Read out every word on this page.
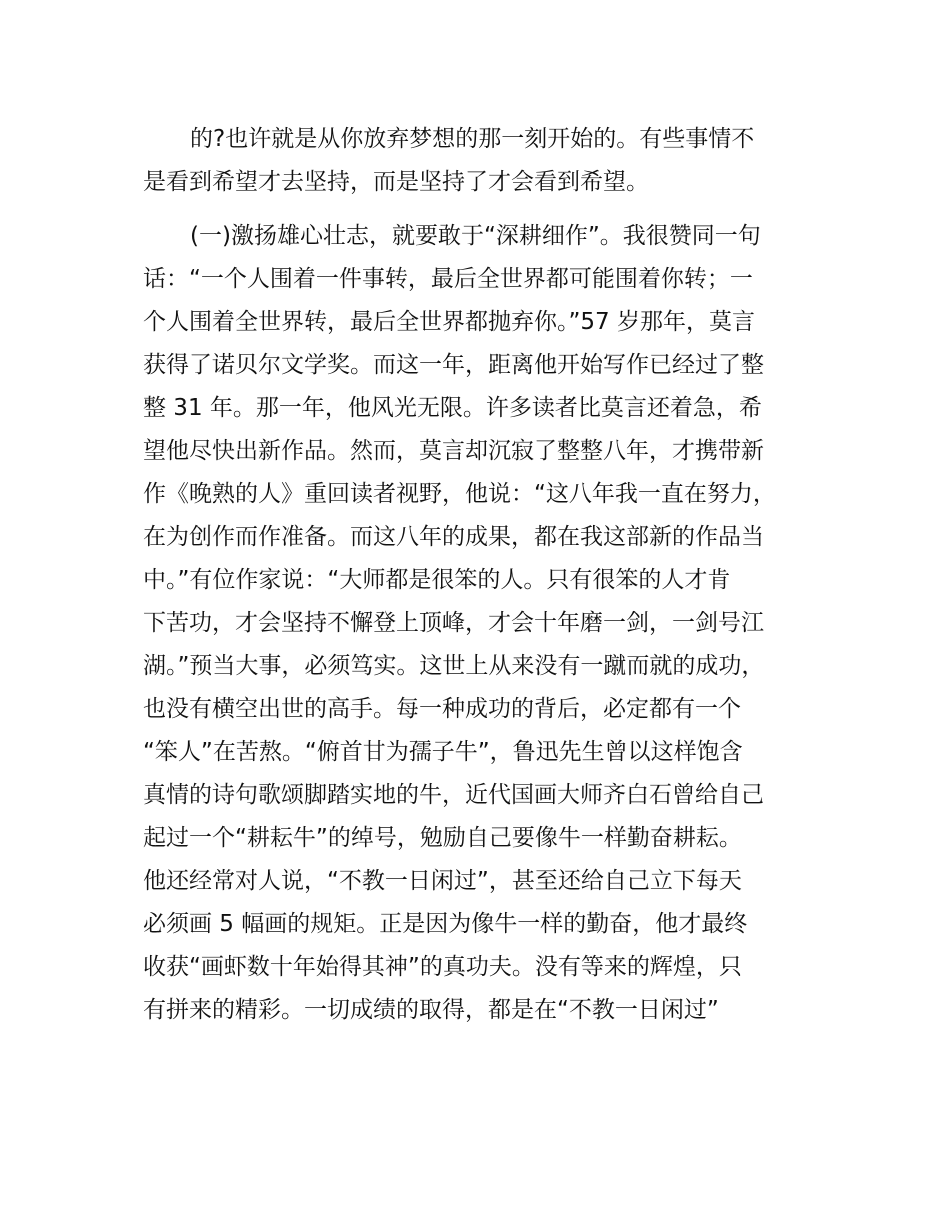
的?也许就是从你放弃梦想的那一刻开始的。有些事情不
是看到希望才去坚持，而是坚持了才会看到希望。
(一)激扬雄心壮志，就要敢于“深耕细作”。我很赞同一句
话：“一个人围着一件事转，最后全世界都可能围着你转；一
个人围着全世界转，最后全世界都抛弃你。”57 岁那年，莫言
获得了诺贝尔文学奖。而这一年，距离他开始写作已经过了整
整 31 年。那一年，他风光无限。许多读者比莫言还着急，希
望他尽快出新作品。然而，莫言却沉寂了整整八年，才携带新
作《晚熟的人》重回读者视野，他说：“这八年我一直在努力，
在为创作而作准备。而这八年的成果，都在我这部新的作品当
中。”有位作家说：“大师都是很笨的人。只有很笨的人才肯
下苦功，才会坚持不懈登上顶峰，才会十年磨一剑，一剑号江
湖。”预当大事，必须笃实。这世上从来没有一蹴而就的成功，
也没有横空出世的高手。每一种成功的背后，必定都有一个
“笨人”在苦熬。“俯首甘为孺子牛”，鲁迅先生曾以这样饱含
真情的诗句歌颂脚踏实地的牛，近代国画大师齐白石曾给自己
起过一个“耕耘牛”的绰号，勉励自己要像牛一样勤奋耕耘。
他还经常对人说，“不教一日闲过”，甚至还给自己立下每天
必须画 5 幅画的规矩。正是因为像牛一样的勤奋，他才最终
收获“画虾数十年始得其神”的真功夫。没有等来的辉煌，只
有拼来的精彩。一切成绩的取得，都是在“不教一日闲过”
